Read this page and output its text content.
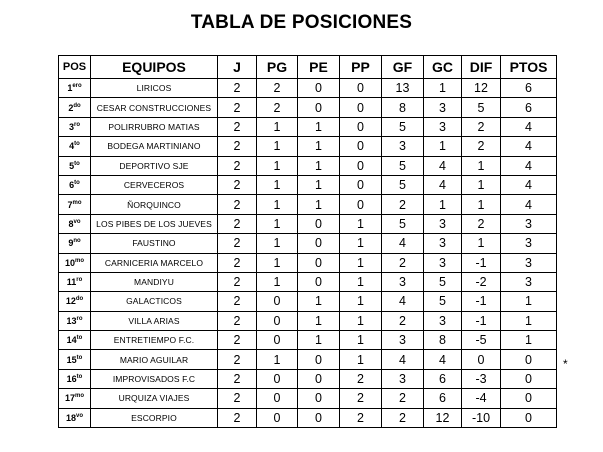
TABLA DE POSICIONES
POS	EQUIPOS	J	PG	PE	PP	GF	GC	DIF	PTOS
$1^{ero}$	LIRICOS	2	2	0	0	13	1	12	6
$2^{do}$	CESAR CONSTRUCCIONES	2	2	0	0	8	3	5	6
$3^{ro}$	POLIRRUBRO MATIAS	2	1	1	0	5	3	2	4
$4^{to}$	BODEGA MARTINIANO	2	1	1	0	3	1	2	4
$5^{to}$	DEPORTIVO SJE	2	1	1	0	5	4	1	4
$6^{to}$	CERVECEROS	2	1	1	0	5	4	1	4
$7^{mo}$	ÑORQUINCO	2	1	1	0	2	1	1	4
$8^{vo}$	LOS PIBES DE LOS JUEVES	2	1	0	1	5	3	2	3
$9^{no}$	FAUSTINO	2	1	0	1	4	3	1	3
$10^{mo}$	CARNICERIA MARCELO	2	1	0	1	2	3	-1	3
$11^{ro}$	MANDIYU	2	1	0	1	3	5	-2	3
$12^{do}$	GALACTICOS	2	0	1	1	4	5	-1	1
$13^{ro}$	VILLA ARIAS	2	0	1	1	2	3	-1	1
$14^{to}$	ENTRETIEMPO F.C.	2	0	1	1	3	8	-5	1
$15^{to}$	MARIO AGUILAR	2	1	0	1	4	4	0	0
$16^{to}$	IMPROVISADOS F.C	2	0	0	2	3	6	-3	0
$17^{mo}$	URQUIZA VIAJES	2	0	0	2	2	6	-4	0
$18^{vo}$	ESCORPIO	2	0	0	2	2	12	-10	0
*
